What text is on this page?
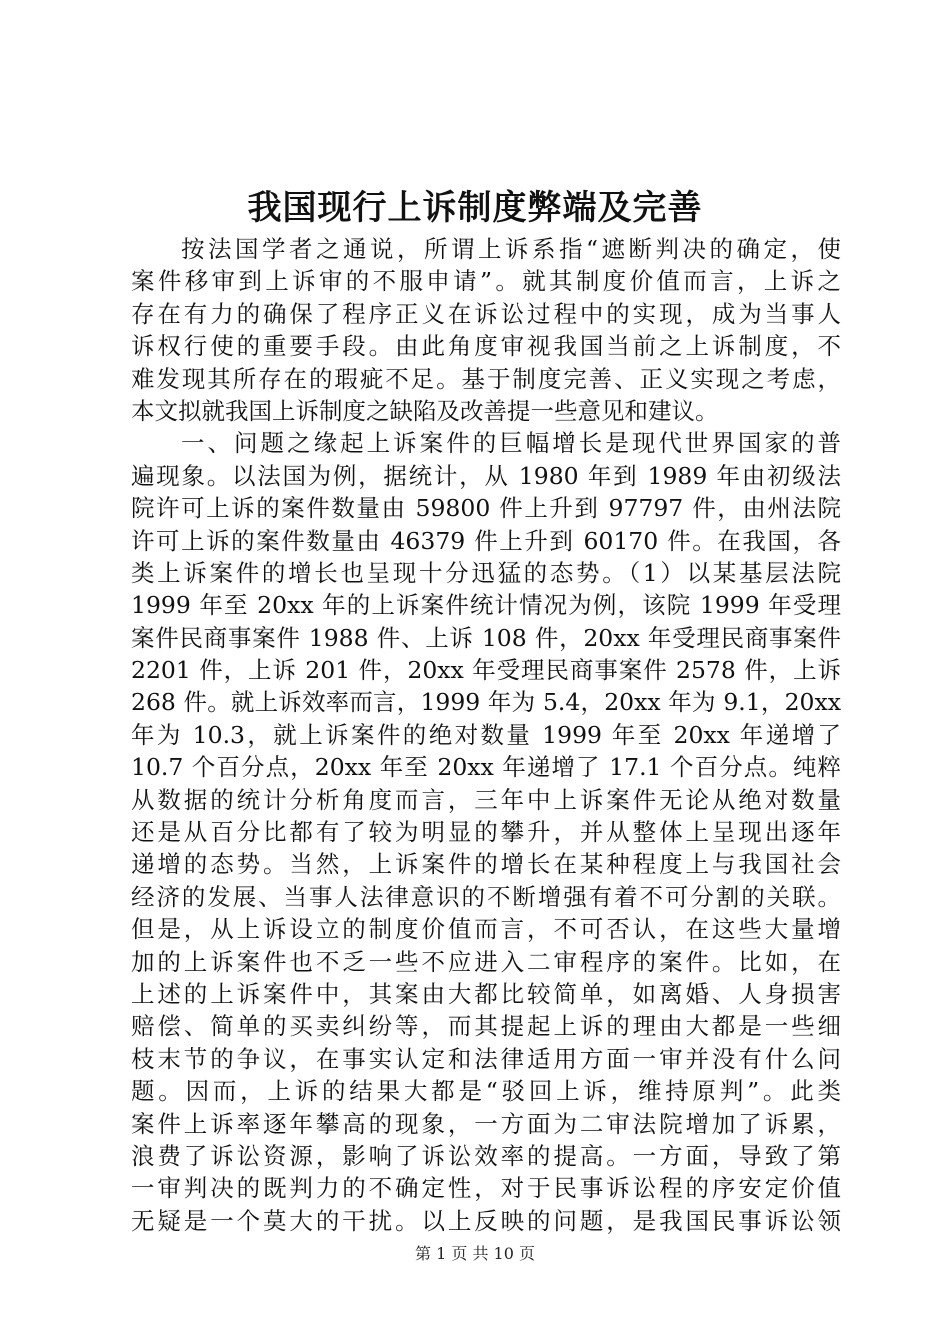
我国现行上诉制度弊端及完善
按法国学者之通说，所谓上诉系指“遮断判决的确定，使
案件移审到上诉审的不服申请”。就其制度价值而言，上诉之
存在有力的确保了程序正义在诉讼过程中的实现，成为当事人
诉权行使的重要手段。由此角度审视我国当前之上诉制度，不
难发现其所存在的瑕疵不足。基于制度完善、正义实现之考虑，
本文拟就我国上诉制度之缺陷及改善提一些意见和建议。
一、问题之缘起上诉案件的巨幅增长是现代世界国家的普
遍现象。以法国为例，据统计，从 1980 年到 1989 年由初级法
院许可上诉的案件数量由 59800 件上升到 97797 件，由州法院
许可上诉的案件数量由 46379 件上升到 60170 件。在我国，各
类上诉案件的增长也呈现十分迅猛的态势。（1）以某基层法院
1999 年至 20xx 年的上诉案件统计情况为例，该院 1999 年受理
案件民商事案件 1988 件、上诉 108 件，20xx 年受理民商事案件
2201 件，上诉 201 件，20xx 年受理民商事案件 2578 件，上诉
268 件。就上诉效率而言，1999 年为 5.4，20xx 年为 9.1，20xx
年为 10.3，就上诉案件的绝对数量 1999 年至 20xx 年递增了
10.7 个百分点，20xx 年至 20xx 年递增了 17.1 个百分点。纯粹
从数据的统计分析角度而言，三年中上诉案件无论从绝对数量
还是从百分比都有了较为明显的攀升，并从整体上呈现出逐年
递增的态势。当然，上诉案件的增长在某种程度上与我国社会
经济的发展、当事人法律意识的不断增强有着不可分割的关联。
但是，从上诉设立的制度价值而言，不可否认，在这些大量增
加的上诉案件也不乏一些不应进入二审程序的案件。比如，在
上述的上诉案件中，其案由大都比较简单，如离婚、人身损害
赔偿、简单的买卖纠纷等，而其提起上诉的理由大都是一些细
枝末节的争议，在事实认定和法律适用方面一审并没有什么问
题。因而，上诉的结果大都是“驳回上诉，维持原判”。此类
案件上诉率逐年攀高的现象，一方面为二审法院增加了诉累，
浪费了诉讼资源，影响了诉讼效率的提高。一方面，导致了第
一审判决的既判力的不确定性，对于民事诉讼程的序安定价值
无疑是一个莫大的干扰。以上反映的问题，是我国民事诉讼领
第 1 页 共 10 页
